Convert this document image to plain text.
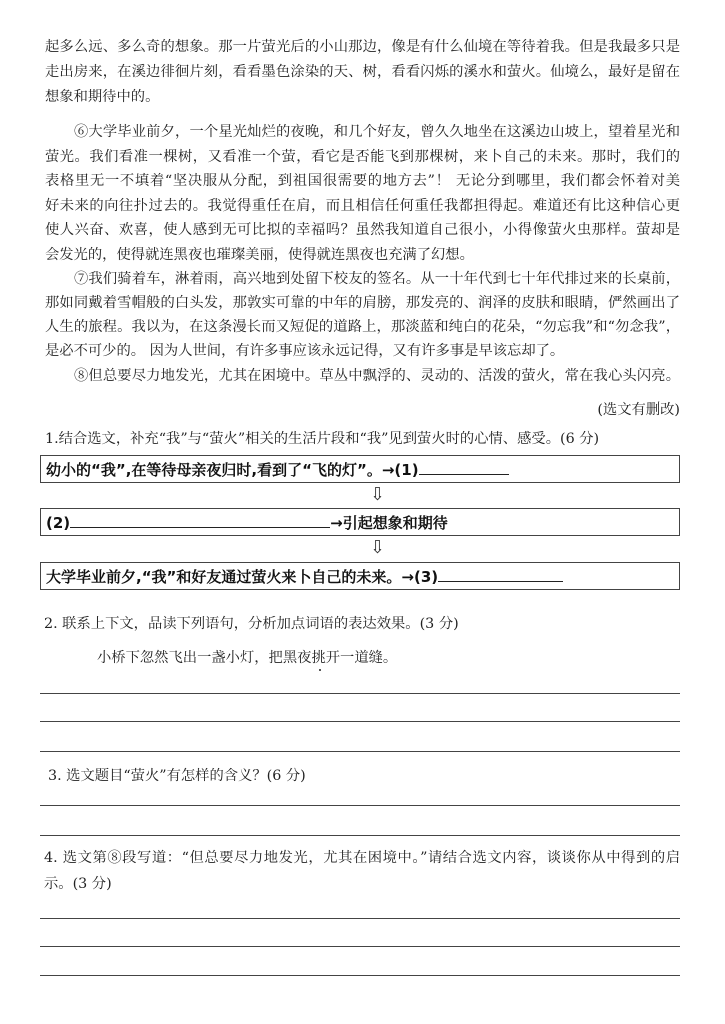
起多么远、多么奇的想象。那一片萤光后的小山那边，像是有什么仙境在等待着我。但是我最多只是
走出房来，在溪边徘徊片刻，看看墨色涂染的天、树，看看闪烁的溪水和萤火。仙境么，最好是留在
想象和期待中的。
⑥大学毕业前夕，一个星光灿烂的夜晚，和几个好友，曾久久地坐在这溪边山坡上，望着星光和
萤光。我们看准一棵树，又看准一个萤，看它是否能飞到那棵树，来卜自己的未来。那时，我们的
表格里无一不填着“坚决服从分配，到祖国很需要的地方去”！ 无论分到哪里，我们都会怀着对美
好未来的向往扑过去的。我觉得重任在肩，而且相信任何重任我都担得起。难道还有比这种信心更
使人兴奋、欢喜，使人感到无可比拟的幸福吗？虽然我知道自己很小，小得像萤火虫那样。萤却是
会发光的，使得就连黑夜也璀璨美丽，使得就连黑夜也充满了幻想。
⑦我们骑着车，淋着雨，高兴地到处留下校友的签名。从一十年代到七十年代排过来的长桌前，
那如同戴着雪帽般的白头发，那敦实可靠的中年的肩膀，那发亮的、润泽的皮肤和眼睛，俨然画出了
人生的旅程。我以为，在这条漫长而又短促的道路上，那淡蓝和纯白的花朵，“勿忘我”和“勿念我”，
是必不可少的。 因为人世间，有许多事应该永远记得，又有许多事是早该忘却了。
⑧但总要尽力地发光，尤其在困境中。草丛中飘浮的、灵动的、活泼的萤火，常在我心头闪亮。
(选文有删改)
1.结合选文，补充“我”与“萤火”相关的生活片段和“我”见到萤火时的心情、感受。(6 分)
幼小的“我”,在等待母亲夜归时,看到了“飞的灯”。→(1)
⇩
(2)	→引起想象和期待
⇩
大学毕业前夕,“我”和好友通过萤火来卜自己的未来。→(3)
2. 联系上下文，品读下列语句，分析加点词语的表达效果。(3 分)
小桥下忽然飞出一盏小灯，把黑夜挑开一道缝。
3. 选文题目“萤火”有怎样的含义？(6 分)
4. 选文第⑧段写道：“但总要尽力地发光，尤其在困境中。”请结合选文内容，谈谈你从中得到的启
示。(3 分)
